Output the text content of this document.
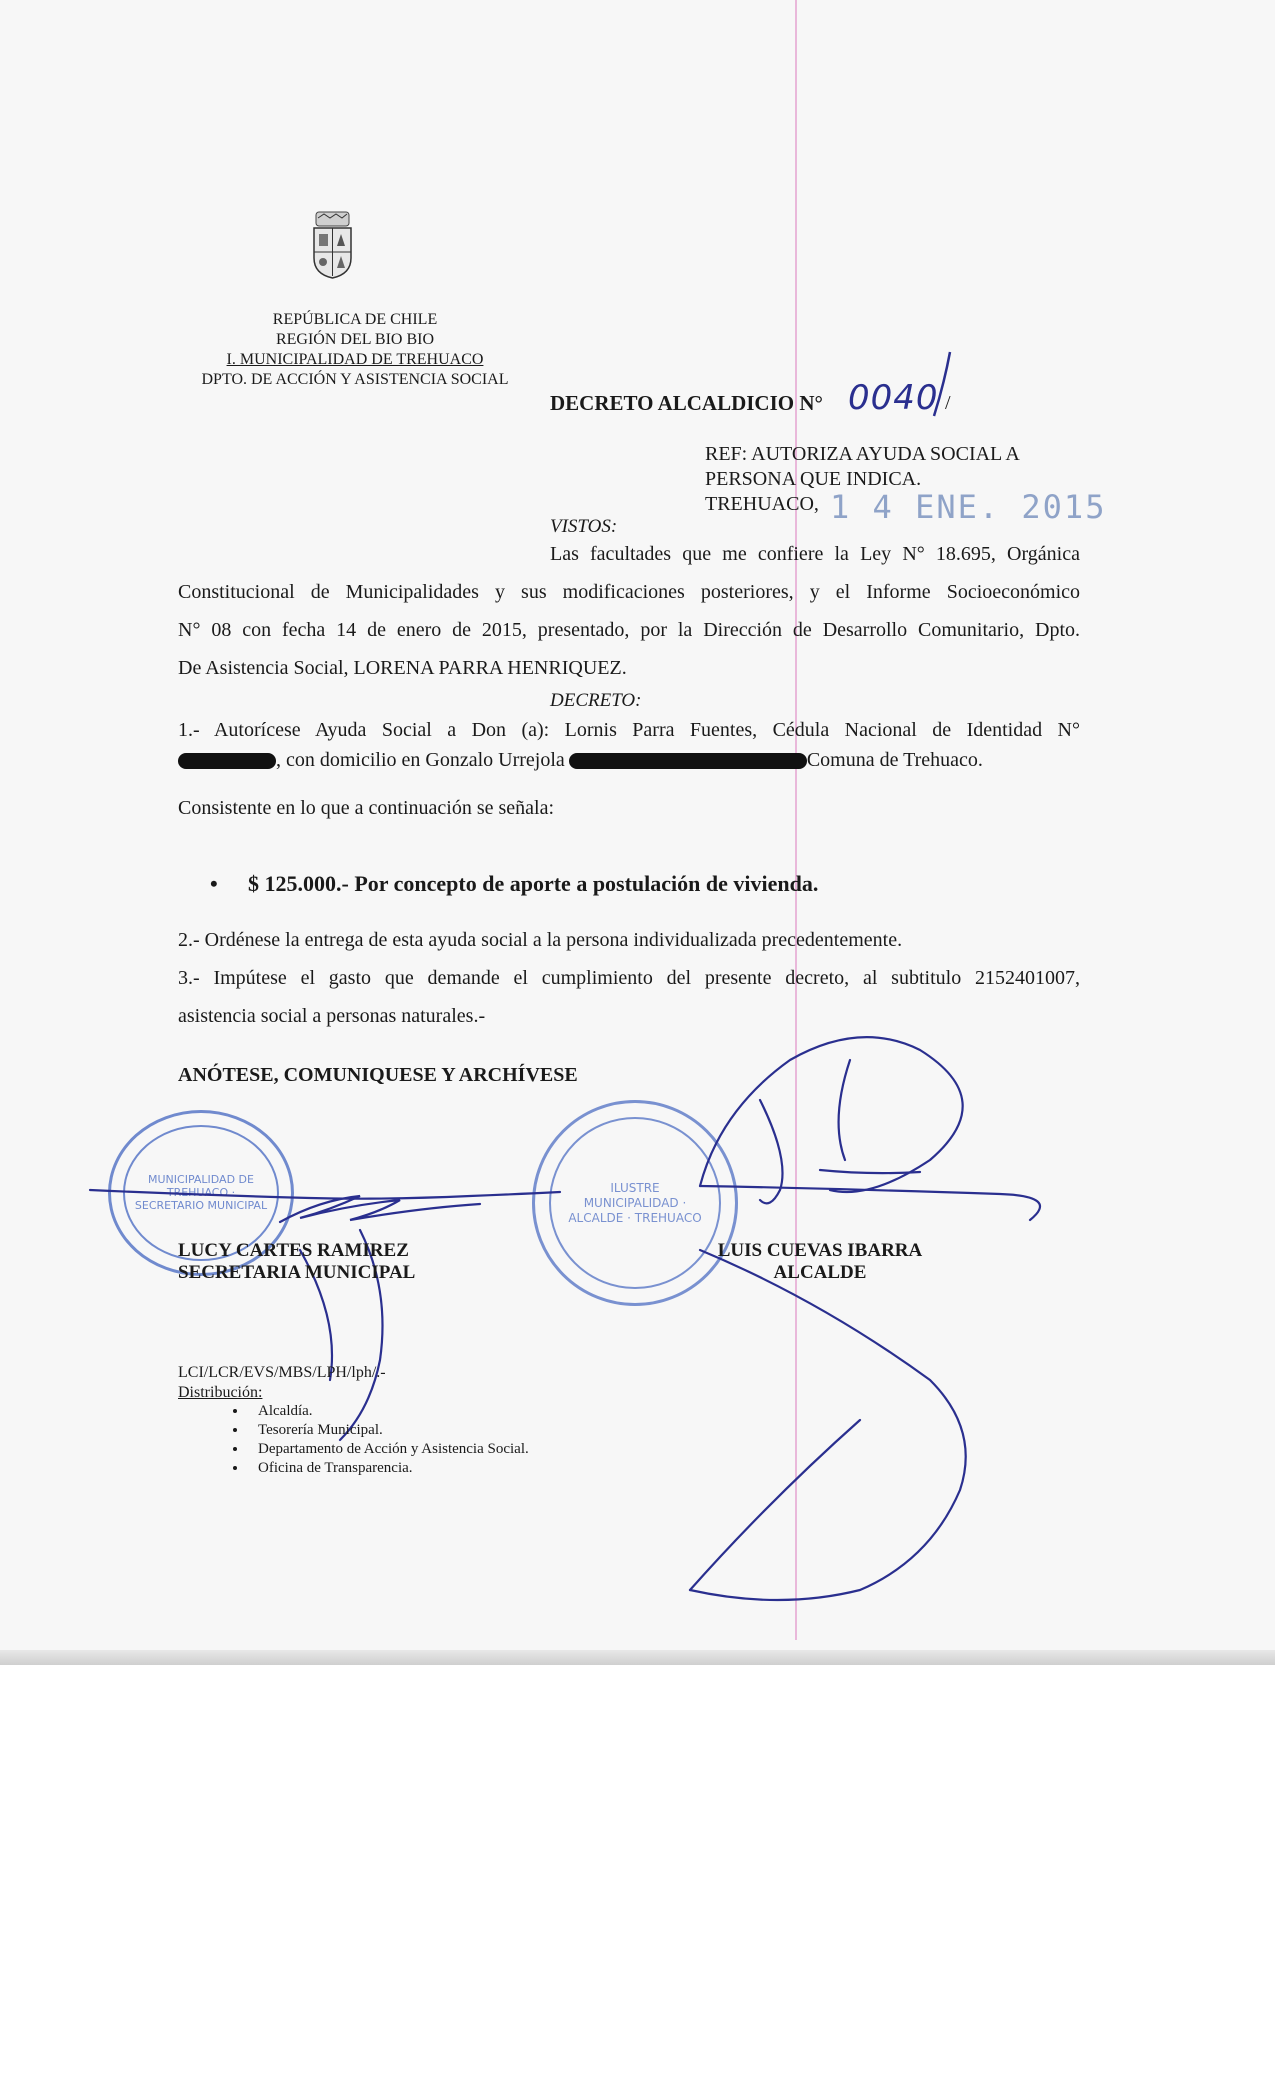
REPÚBLICA DE CHILE
REGIÓN DEL BIO BIO
I. MUNICIPALIDAD DE TREHUACO
DPTO. DE ACCIÓN Y ASISTENCIA SOCIAL
DECRETO ALCALDICIO N° 0040 /
REF: AUTORIZA AYUDA SOCIAL A
PERSONA QUE INDICA.
TREHUACO, 1 4 ENE. 2015
VISTOS:
Las facultades que me confiere la Ley N° 18.695, Orgánica
Constitucional de Municipalidades y sus modificaciones posteriores, y el Informe Socioeconómico
N° 08 con fecha 14 de enero de 2015, presentado, por la Dirección de Desarrollo Comunitario, Dpto.
De Asistencia Social, LORENA PARRA HENRIQUEZ.
DECRETO:
1.- Autorícese Ayuda Social a Don (a): Lornis Parra Fuentes, Cédula Nacional de Identidad N°
, con domicilio en Gonzalo Urrejola	Comuna de Trehuaco.
Consistente en lo que a continuación se señala:
• $ 125.000.- Por concepto de aporte a postulación de vivienda.
2.- Ordénese la entrega de esta ayuda social a la persona individualizada precedentemente.
3.- Impútese el gasto que demande el cumplimiento del presente decreto, al subtitulo 2152401007,
asistencia social a personas naturales.-
ANÓTESE, COMUNIQUESE Y ARCHÍVESE
MUNICIPALIDAD DE TREHUACO · SECRETARIO MUNICIPAL
ILUSTRE MUNICIPALIDAD · ALCALDE · TREHUACO
LUCY CARTES RAMIREZ
SECRETARIA MUNICIPAL
LUIS CUEVAS IBARRA
ALCALDE
LCI/LCR/EVS/MBS/LPH/lph/.-
Distribución:
• Alcaldía.
• Tesorería Municipal.
• Departamento de Acción y Asistencia Social.
• Oficina de Transparencia.
